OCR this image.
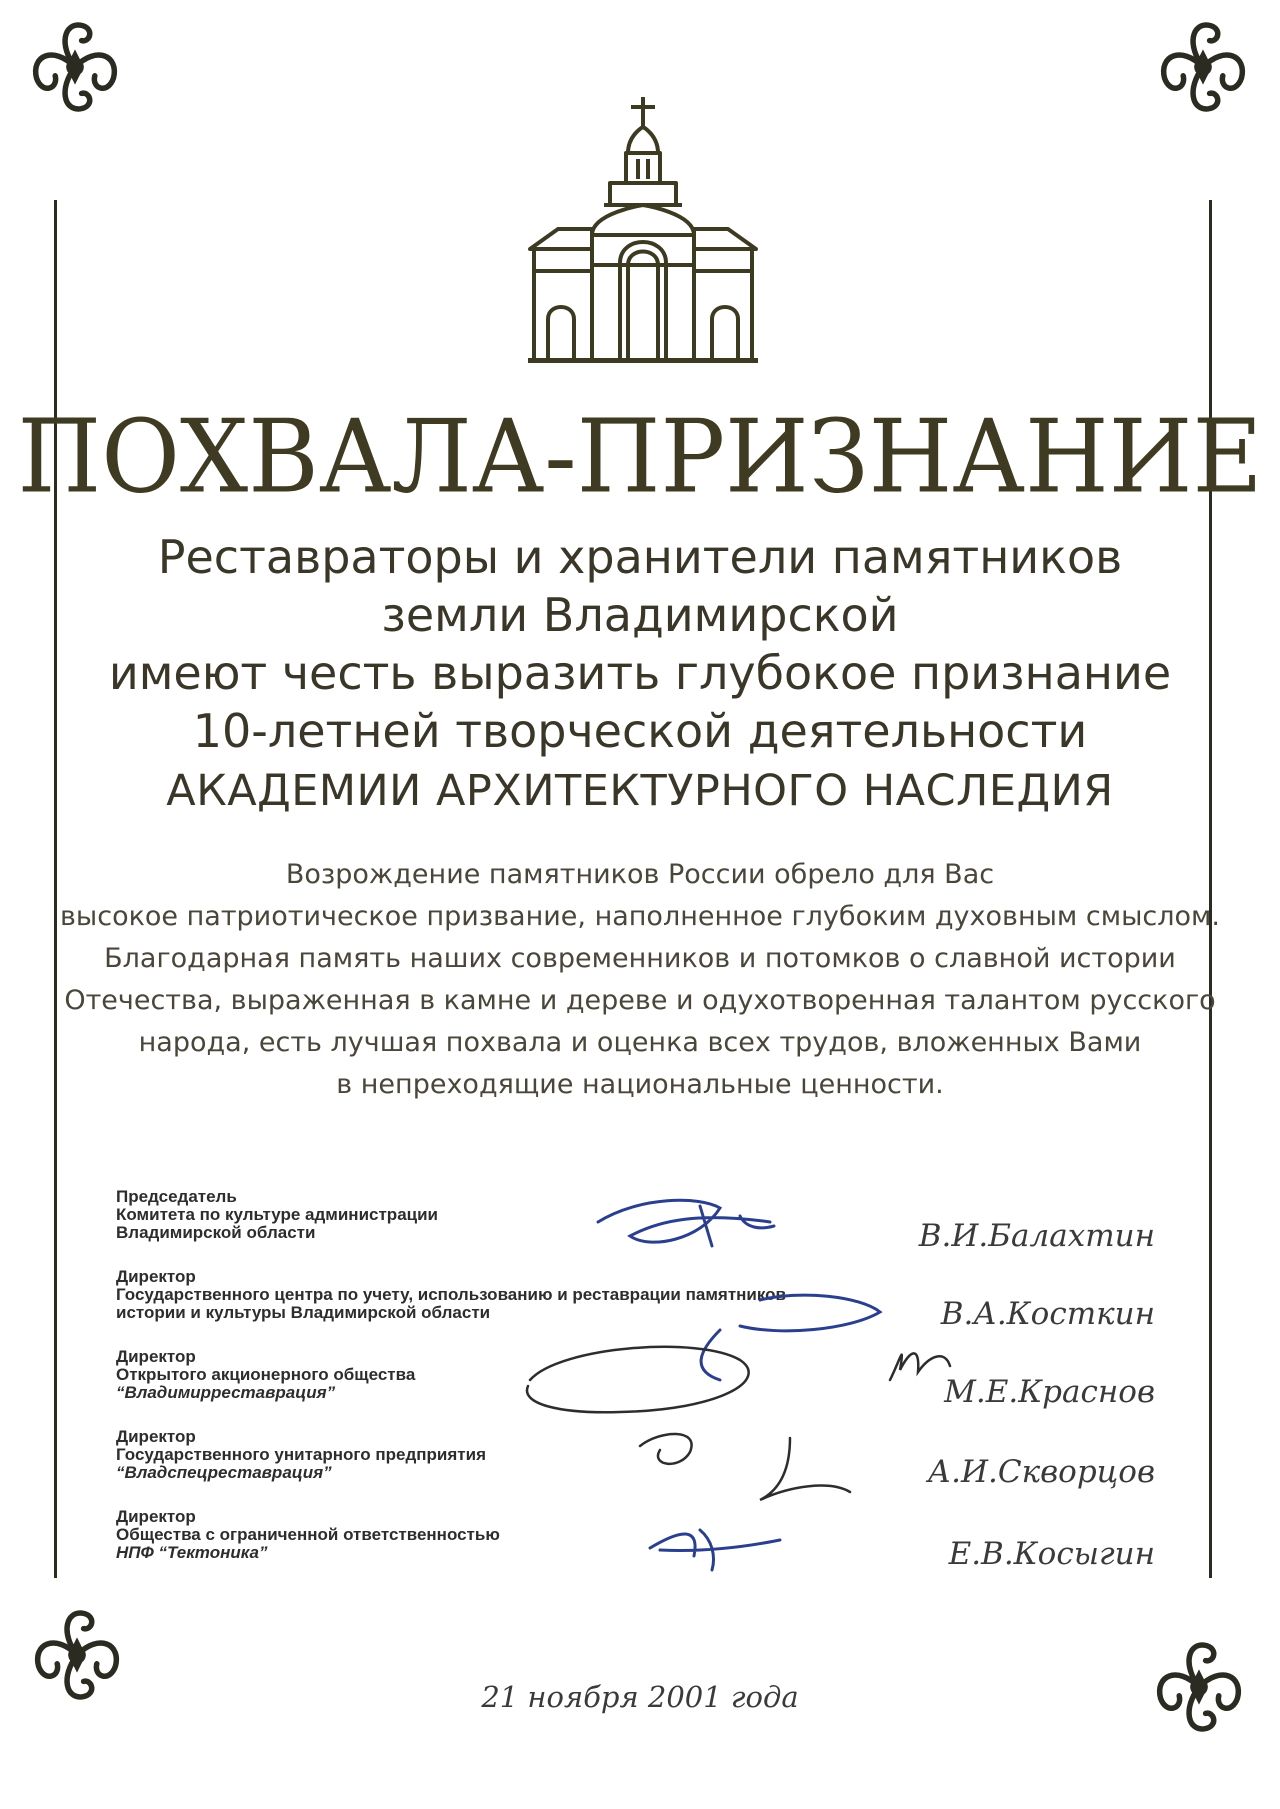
ПОХВАЛА-ПРИЗНАНИЕ
Реставраторы и хранители памятников
земли Владимирской
имеют честь выразить глубокое признание
10-летней творческой деятельности
АКАДЕМИИ АРХИТЕКТУРНОГО НАСЛЕДИЯ
Возрождение памятников России обрело для Вас
высокое патриотическое призвание, наполненное глубоким духовным смыслом.
Благодарная память наших современников и потомков о славной истории
Отечества, выраженная в камне и дереве и одухотворенная талантом русского
народа, есть лучшая похвала и оценка всех трудов, вложенных Вами
в непреходящие национальные ценности.
Председатель
Комитета по культуре администрации
Владимирской области	В.И.Балахтин
Директор
Государственного центра по учету, использованию и реставрации памятников
истории и культуры Владимирской области	В.А.Косткин
Директор
Открытого акционерного общества
“Владимирреставрация”	М.Е.Краснов
Директор
Государственного унитарного предприятия
“Владспецреставрация”	А.И.Скворцов
Директор
Общества с ограниченной ответственностью
НПФ “Тектоника”	Е.В.Косыгин
21 ноября 2001 года
